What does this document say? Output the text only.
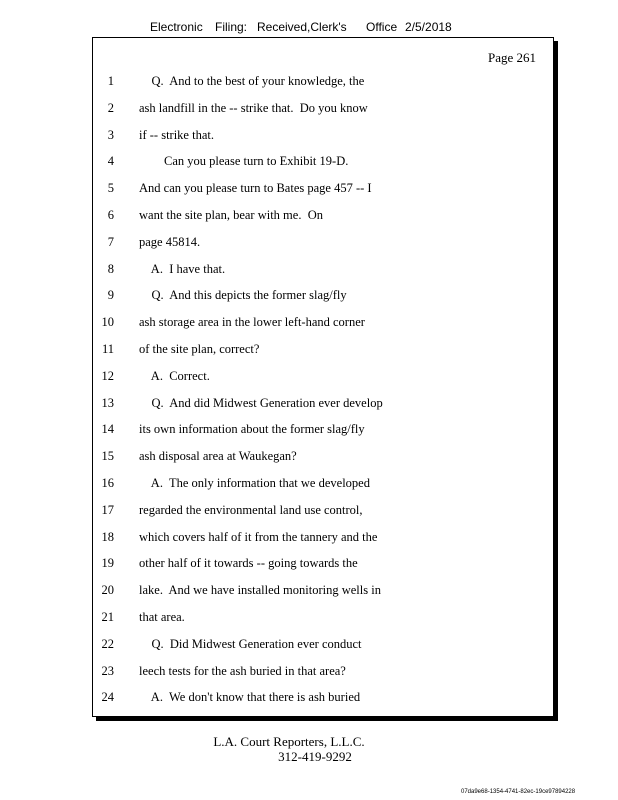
Electronic Filing: Received,Clerk's Office 2/5/2018
Page 261
1 Q.  And to the best of your knowledge, the
2 ash landfill in the -- strike that.  Do you know
3 if -- strike that.
4 Can you please turn to Exhibit 19-D.
5 And can you please turn to Bates page 457 -- I
6 want the site plan, bear with me.  On
7 page 45814.
8 A.  I have that.
9 Q.  And this depicts the former slag/fly
10 ash storage area in the lower left-hand corner
11 of the site plan, correct?
12 A.  Correct.
13 Q.  And did Midwest Generation ever develop
14 its own information about the former slag/fly
15 ash disposal area at Waukegan?
16 A.  The only information that we developed
17 regarded the environmental land use control,
18 which covers half of it from the tannery and the
19 other half of it towards -- going towards the
20 lake.  And we have installed monitoring wells in
21 that area.
22 Q.  Did Midwest Generation ever conduct
23 leech tests for the ash buried in that area?
24 A.  We don't know that there is ash buried
L.A. Court Reporters, L.L.C.
312-419-9292
07da9e68-1354-4741-82ec-19ce97894228
